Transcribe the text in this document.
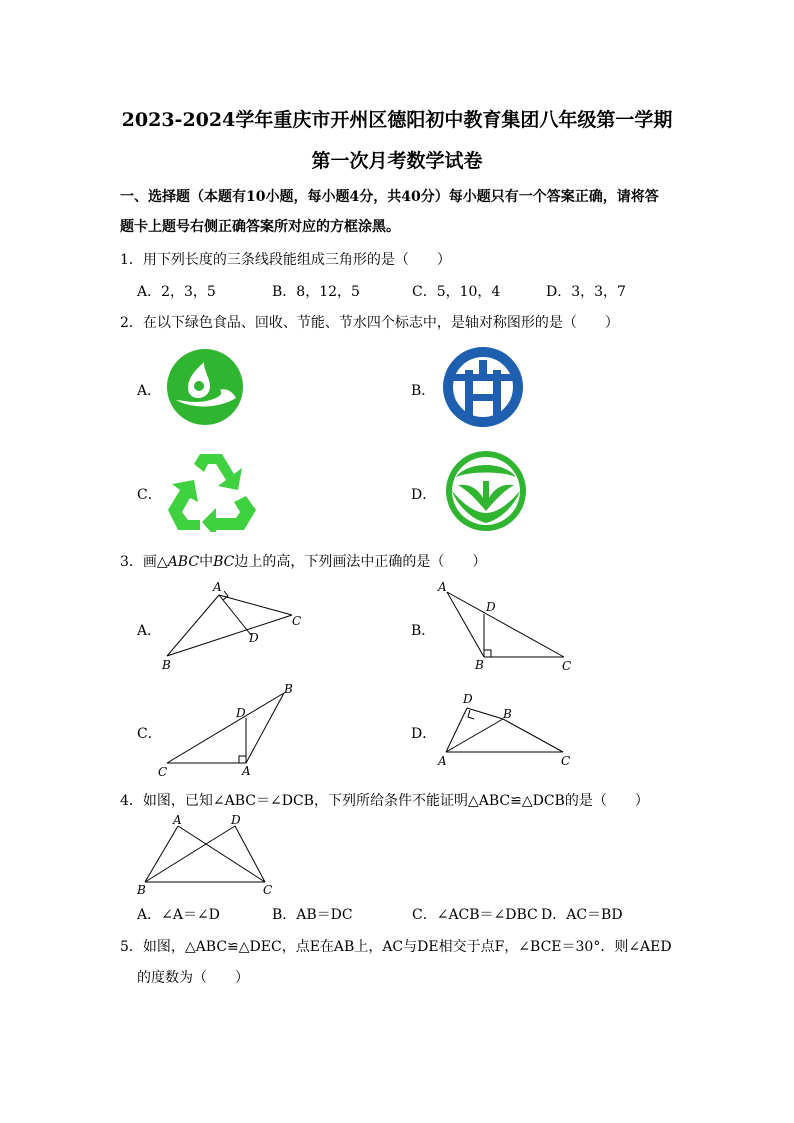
2023-2024学年重庆市开州区德阳初中教育集团八年级第一学期
第一次月考数学试卷
一、选择题（本题有10小题，每小题4分，共40分）每小题只有一个答案正确，请将答
题卡上题号右侧正确答案所对应的方框涂黑。
1．用下列长度的三条线段能组成三角形的是（　　）
A．2，3，5	B．8，12，5	C．5，10，4	D．3，3，7
2．在以下绿色食品、回收、节能、节水四个标志中，是轴对称图形的是（　　）
A．	B．
C．	D．
3．画△ABC中BC边上的高，下列画法中正确的是（　　）
A．	B．
C．	D．
A
B
C
D
A
D
B	C
C	A
D
B
D
B
A	C
4．如图，已知∠ABC＝∠DCB，下列所给条件不能证明△ABC≌△DCB的是（　　）
A	D
B	C
A．∠A＝∠D	B．AB＝DC	C．∠ACB＝∠DBC D．AC＝BD
5．如图，△ABC≌△DEC，点E在AB上，AC与DE相交于点F，∠BCE＝30°．则∠AED
的度数为（　　）
